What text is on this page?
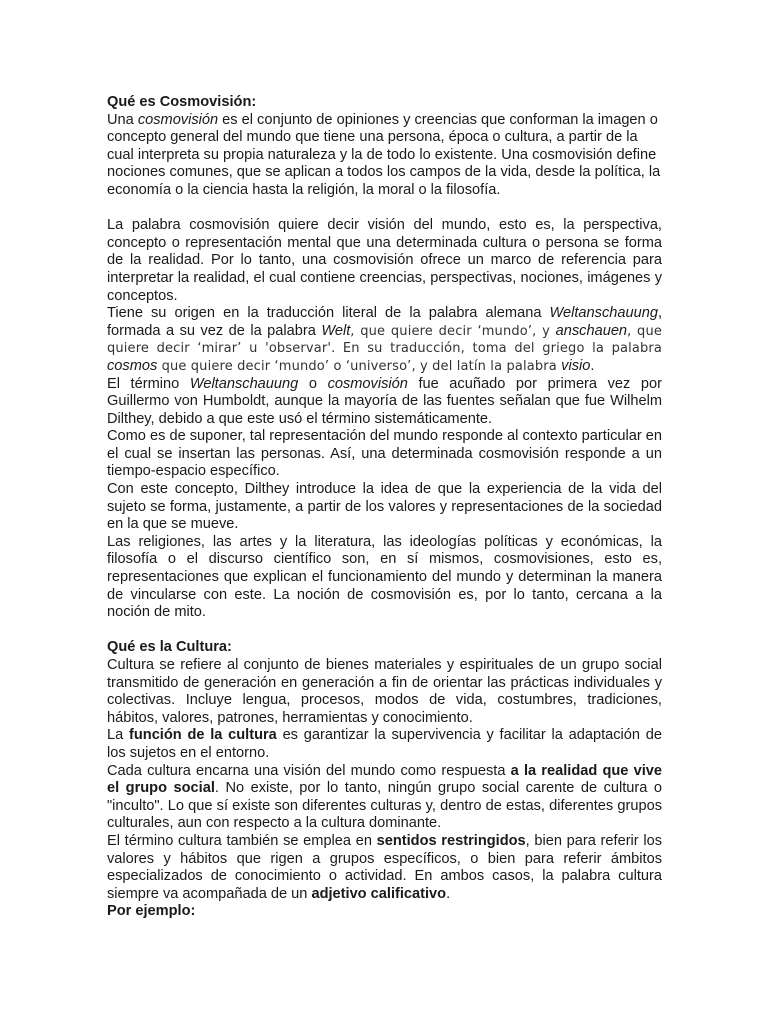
Qué es Cosmovisión:

Una cosmovisión es el conjunto de opiniones y creencias que conforman la imagen o concepto general del mundo que tiene una persona, época o cultura, a partir de la cual interpreta su propia naturaleza y la de todo lo existente. Una cosmovisión define nociones comunes, que se aplican a todos los campos de la vida, desde la política, la economía o la ciencia hasta la religión, la moral o la filosofía.

La palabra cosmovisión quiere decir visión del mundo, esto es, la perspectiva, concepto o representación mental que una determinada cultura o persona se forma de la realidad. Por lo tanto, una cosmovisión ofrece un marco de referencia para interpretar la realidad, el cual contiene creencias, perspectivas, nociones, imágenes y conceptos.

Tiene su origen en la traducción literal de la palabra alemana Weltanschauung, formada a su vez de la palabra Welt, que quiere decir ‘mundo’, y anschauen, que quiere decir ‘mirar’ u 'observar'. En su traducción, toma del griego la palabra cosmos que quiere decir ‘mundo’ o ‘universo’, y del latín la palabra visio.

El término Weltanschauung o cosmovisión fue acuñado por primera vez por Guillermo von Humboldt, aunque la mayoría de las fuentes señalan que fue Wilhelm Dilthey, debido a que este usó el término sistemáticamente.

Como es de suponer, tal representación del mundo responde al contexto particular en el cual se insertan las personas. Así, una determinada cosmovisión responde a un tiempo-espacio específico.

Con este concepto, Dilthey introduce la idea de que la experiencia de la vida del sujeto se forma, justamente, a partir de los valores y representaciones de la sociedad en la que se mueve.

Las religiones, las artes y la literatura, las ideologías políticas y económicas, la filosofía o el discurso científico son, en sí mismos, cosmovisiones, esto es, representaciones que explican el funcionamiento del mundo y determinan la manera de vincularse con este. La noción de cosmovisión es, por lo tanto, cercana a la noción de mito.

Qué es la Cultura:

Cultura se refiere al conjunto de bienes materiales y espirituales de un grupo social transmitido de generación en generación a fin de orientar las prácticas individuales y colectivas. Incluye lengua, procesos, modos de vida, costumbres, tradiciones, hábitos, valores, patrones, herramientas y conocimiento.

La función de la cultura es garantizar la supervivencia y facilitar la adaptación de los sujetos en el entorno.

Cada cultura encarna una visión del mundo como respuesta a la realidad que vive el grupo social. No existe, por lo tanto, ningún grupo social carente de cultura o "inculto". Lo que sí existe son diferentes culturas y, dentro de estas, diferentes grupos culturales, aun con respecto a la cultura dominante.

El término cultura también se emplea en sentidos restringidos, bien para referir los valores y hábitos que rigen a grupos específicos, o bien para referir ámbitos especializados de conocimiento o actividad. En ambos casos, la palabra cultura siempre va acompañada de un adjetivo calificativo.

Por ejemplo:
